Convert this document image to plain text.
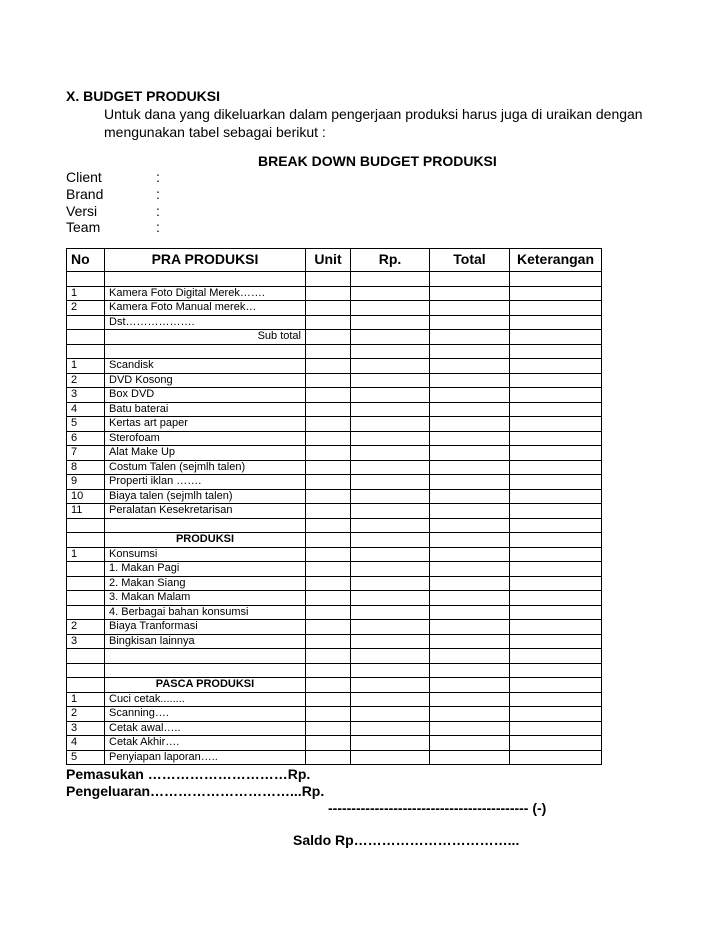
X. BUDGET PRODUKSI
Untuk dana yang dikeluarkan dalam pengerjaan produksi harus juga di uraikan dengan
mengunakan tabel sebagai berikut :
BREAK DOWN BUDGET PRODUKSI
Client	:
Brand	:
Versi	:
Team	:
No	PRA PRODUKSI	Unit	Rp.	Total	Keterangan

1	Kamera Foto Digital Merek…….				
2	Kamera Foto Manual merek…				
	Dst……………….				
	Sub total				

1	Scandisk				
2	DVD Kosong				
3	Box DVD				
4	Batu baterai				
5	Kertas art paper				
6	Sterofoam				
7	Alat Make Up				
8	Costum Talen (sejmlh talen)				
9	Properti iklan …….				
10	Biaya talen (sejmlh talen)				
11	Peralatan Kesekretarisan				

	PRODUKSI				
1	Konsumsi				
	1. Makan Pagi				
	2. Makan Siang				
	3. Makan Malam				
	4. Berbagai bahan konsumsi				
2	Biaya Tranformasi				
3	Bingkisan lainnya				

	PASCA PRODUKSI				
1	Cuci cetak........				
2	Scanning….				
3	Cetak awal…..				
4	Cetak Akhir….				
5	Penyiapan laporan…..				
Pemasukan …………………………Rp.
Pengeluaran…………………………...Rp.
------------------------------------------- (-)
Saldo Rp……………………………...
